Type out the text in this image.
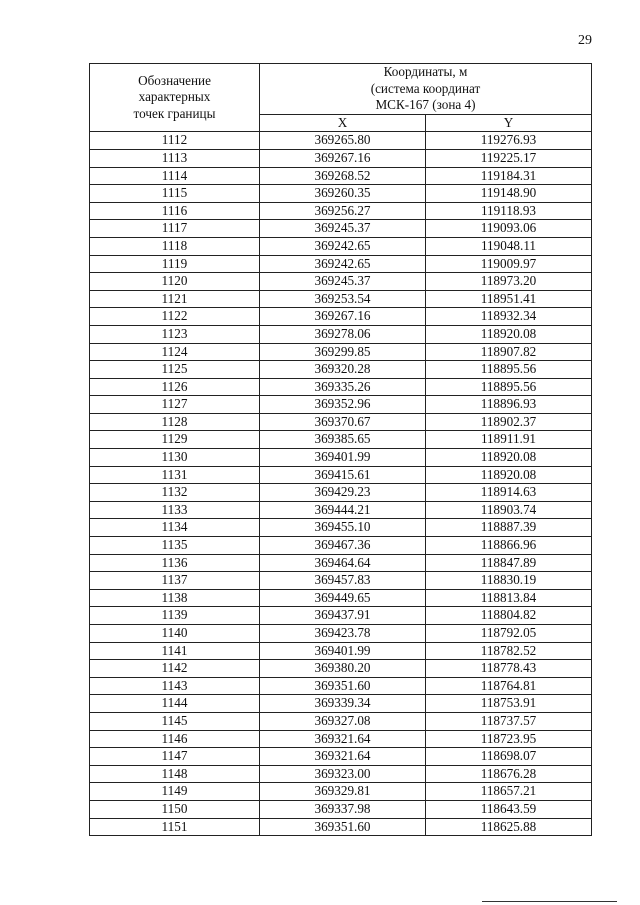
29
Обозначение
характерных
точек границы	Координаты, м
(система координат
МСК-167 (зона 4)	
	X	Y
1112	369265.80	119276.93
1113	369267.16	119225.17
1114	369268.52	119184.31
1115	369260.35	119148.90
1116	369256.27	119118.93
1117	369245.37	119093.06
1118	369242.65	119048.11
1119	369242.65	119009.97
1120	369245.37	118973.20
1121	369253.54	118951.41
1122	369267.16	118932.34
1123	369278.06	118920.08
1124	369299.85	118907.82
1125	369320.28	118895.56
1126	369335.26	118895.56
1127	369352.96	118896.93
1128	369370.67	118902.37
1129	369385.65	118911.91
1130	369401.99	118920.08
1131	369415.61	118920.08
1132	369429.23	118914.63
1133	369444.21	118903.74
1134	369455.10	118887.39
1135	369467.36	118866.96
1136	369464.64	118847.89
1137	369457.83	118830.19
1138	369449.65	118813.84
1139	369437.91	118804.82
1140	369423.78	118792.05
1141	369401.99	118782.52
1142	369380.20	118778.43
1143	369351.60	118764.81
1144	369339.34	118753.91
1145	369327.08	118737.57
1146	369321.64	118723.95
1147	369321.64	118698.07
1148	369323.00	118676.28
1149	369329.81	118657.21
1150	369337.98	118643.59
1151	369351.60	118625.88
